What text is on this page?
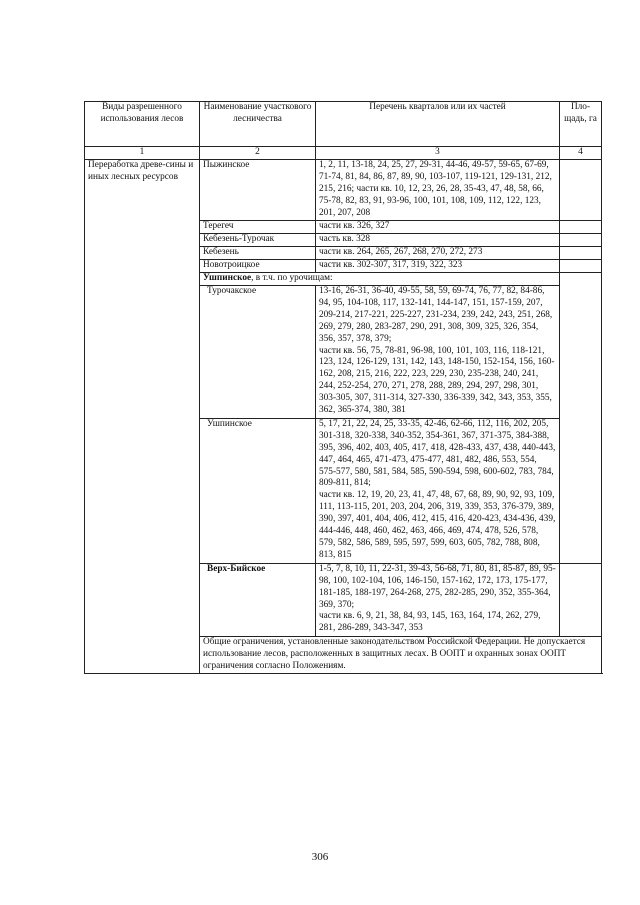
Виды разрешенного использования лесов	Наименование участкового лесничества	Перечень кварталов или их частей	Пло-щадь, га
1	2	3	4
Переработка древе-сины и иных лесных ресурсов	Пыжинское	1, 2, 11, 13-18, 24, 25, 27, 29-31, 44-46, 49-57, 59-65, 67-69, 71-74, 81, 84, 86, 87, 89, 90, 103-107, 119-121, 129-131, 212, 215, 216; части кв. 10, 12, 23, 26, 28, 35-43, 47, 48, 58, 66, 75-78, 82, 83, 91, 93-96, 100, 101, 108, 109, 112, 122, 123, 201, 207, 208	
	Терегеч	части кв. 326, 327	
	Кебезень-Турочак	часть кв. 328	
	Кебезень	части кв. 264, 265, 267, 268, 270, 272, 273	
	Новотроицкое	части кв. 302-307, 317, 319, 322, 323	
	Ушпинское, в т.ч. по урочищам:		
	Турочакское	13-16, 26-31, 36-40, 49-55, 58, 59, 69-74, 76, 77, 82, 84-86, 94, 95, 104-108, 117, 132-141, 144-147, 151, 157-159, 207, 209-214, 217-221, 225-227, 231-234, 239, 242, 243, 251, 268, 269, 279, 280, 283-287, 290, 291, 308, 309, 325, 326, 354, 356, 357, 378, 379;
части кв. 56, 75, 78-81, 96-98, 100, 101, 103, 116, 118-121, 123, 124, 126-129, 131, 142, 143, 148-150, 152-154, 156, 160-162, 208, 215, 216, 222, 223, 229, 230, 235-238, 240, 241, 244, 252-254, 270, 271, 278, 288, 289, 294, 297, 298, 301, 303-305, 307, 311-314, 327-330, 336-339, 342, 343, 353, 355, 362, 365-374, 380, 381	
	Ушпинское	5, 17, 21, 22, 24, 25, 33-35, 42-46, 62-66, 112, 116, 202, 205, 301-318, 320-338, 340-352, 354-361, 367, 371-375, 384-388, 395, 396, 402, 403, 405, 417, 418, 428-433, 437, 438, 440-443, 447, 464, 465, 471-473, 475-477, 481, 482, 486, 553, 554, 575-577, 580, 581, 584, 585, 590-594, 598, 600-602, 783, 784, 809-811, 814;
части кв. 12, 19, 20, 23, 41, 47, 48, 67, 68, 89, 90, 92, 93, 109, 111, 113-115, 201, 203, 204, 206, 319, 339, 353, 376-379, 389, 390, 397, 401, 404, 406, 412, 415, 416, 420-423, 434-436, 439, 444-446, 448, 460, 462, 463, 466, 469, 474, 478, 526, 578, 579, 582, 586, 589, 595, 597, 599, 603, 605, 782, 788, 808, 813, 815	
	Верх-Бийское	1-5, 7, 8, 10, 11, 22-31, 39-43, 56-68, 71, 80, 81, 85-87, 89, 95-98, 100, 102-104, 106, 146-150, 157-162, 172, 173, 175-177, 181-185, 188-197, 264-268, 275, 282-285, 290, 352, 355-364, 369, 370;
части кв. 6, 9, 21, 38, 84, 93, 145, 163, 164, 174, 262, 279, 281, 286-289, 343-347, 353	
	Общие ограничения, установленные законодательством Российской Федерации. Не допускается использование лесов, расположенных в защитных лесах. В ООПТ и охранных зонах ООПТ ограничения согласно Положениям.		
306
